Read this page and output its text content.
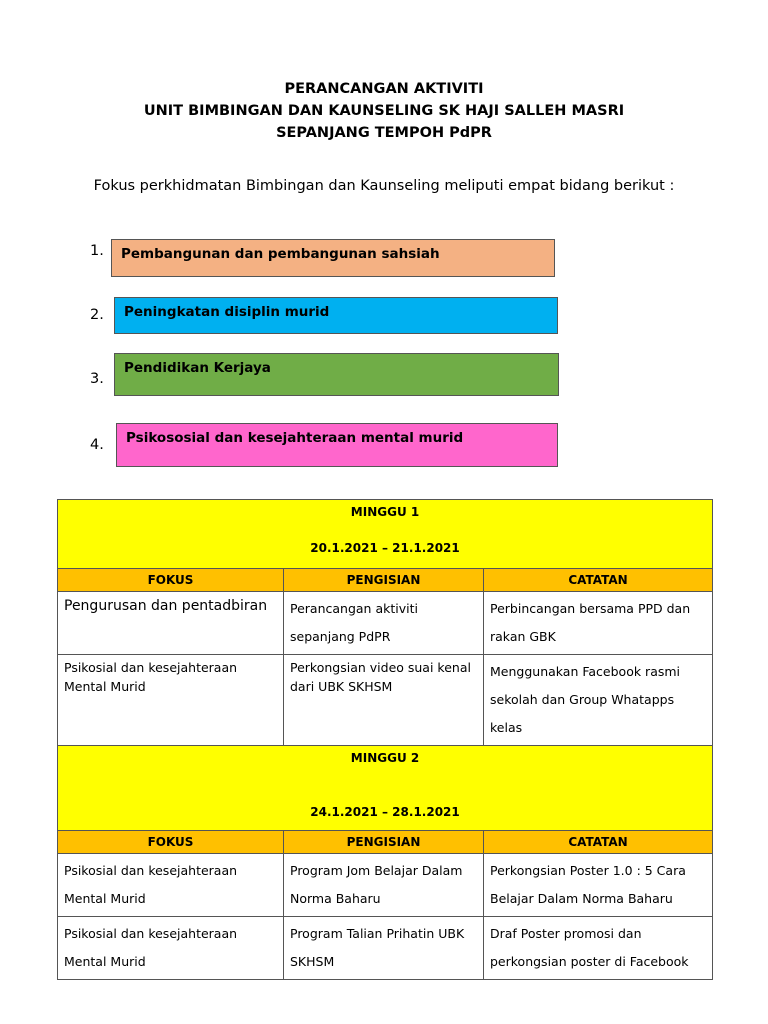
PERANCANGAN AKTIVITI
UNIT BIMBINGAN DAN KAUNSELING SK HAJI SALLEH MASRI
SEPANJANG TEMPOH PdPR
Fokus perkhidmatan Bimbingan dan Kaunseling meliputi empat bidang berikut :
1.	Pembangunan dan pembangunan sahsiah
2.	Peningkatan disiplin murid
3.
Pendidikan Kerjaya
4.	Psikososial dan kesejahteraan mental murid
MINGGU 1
20.1.2021 – 21.1.2021		

FOKUS	PENGISIAN	CATATAN
Pengurusan dan pentadbiran	Perancangan aktiviti sepanjang PdPR	Perbincangan bersama PPD dan rakan GBK
Psikosial dan kesejahteraan Mental Murid	Perkongsian video suai kenal dari UBK SKHSM	Menggunakan Facebook rasmi sekolah dan Group Whatapps kelas

MINGGU 2
24.1.2021 – 28.1.2021		

FOKUS	PENGISIAN	CATATAN
Psikosial dan kesejahteraan Mental Murid	Program Jom Belajar Dalam Norma Baharu	Perkongsian Poster 1.0 : 5 Cara Belajar Dalam Norma Baharu
Psikosial dan kesejahteraan Mental Murid	Program Talian Prihatin UBK SKHSM	Draf Poster promosi dan perkongsian poster di Facebook
